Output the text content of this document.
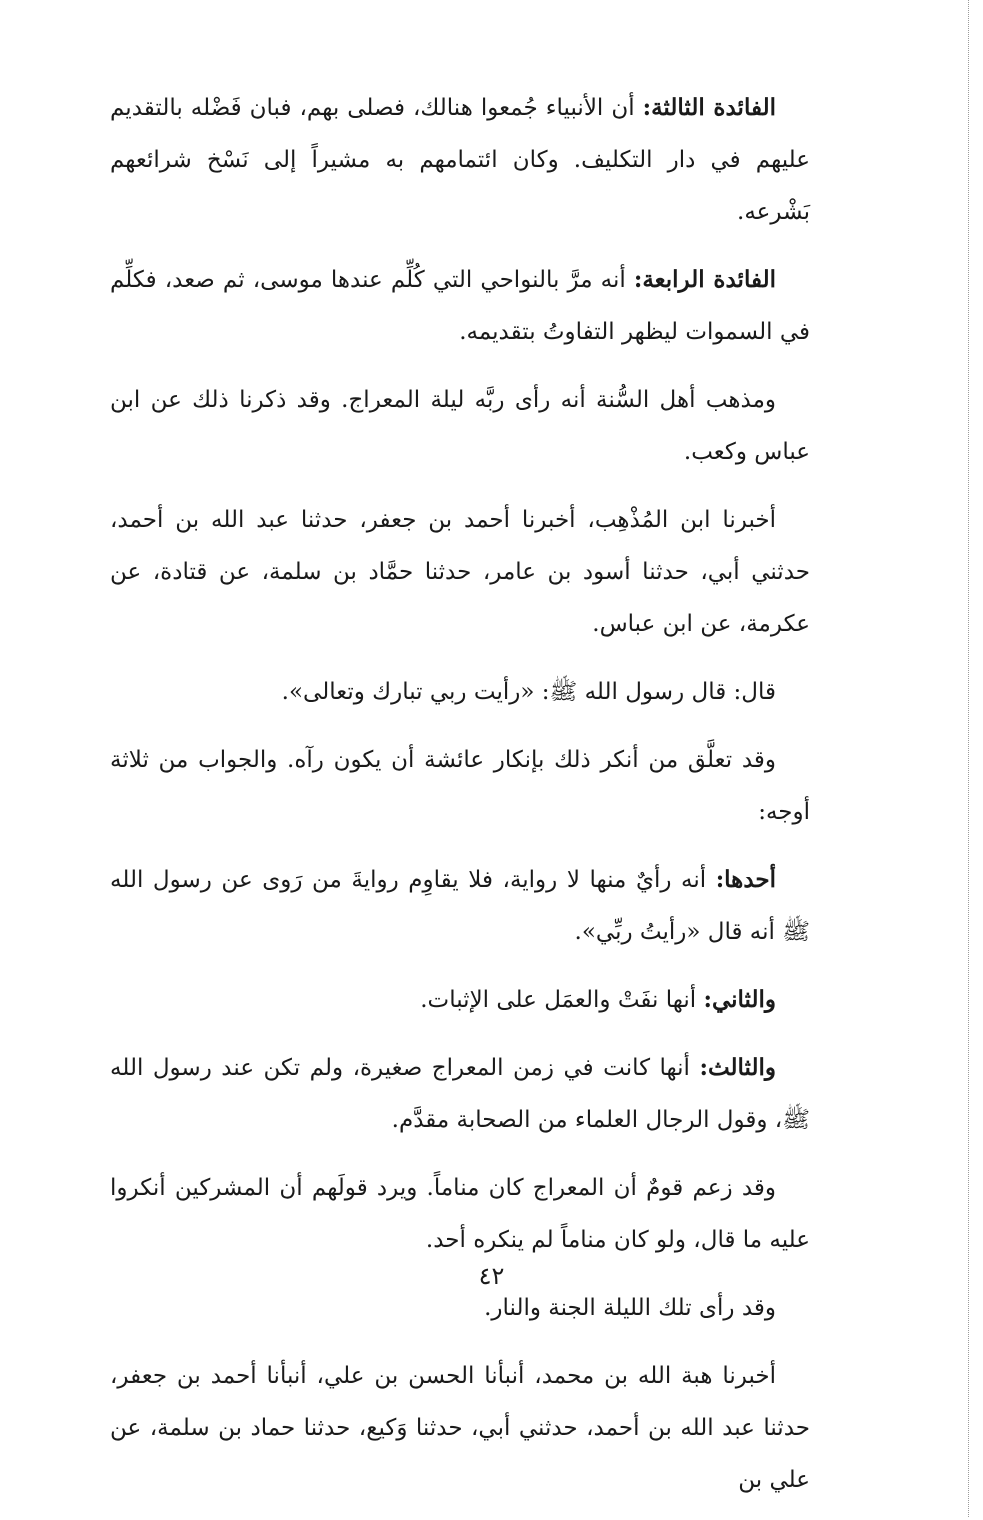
الفائدة الثالثة: أن الأنبياء جُمعوا هنالك، فصلى بهم، فبان فَضْله بالتقديم عليهم في دار التكليف. وكان ائتمامهم به مشيراً إلى نَسْخ شرائعهم بَشْرعه.

الفائدة الرابعة: أنه مرَّ بالنواحي التي كُلِّم عندها موسى، ثم صعد، فكلِّم في السموات ليظهر التفاوتُ بتقديمه.

ومذهب أهل السُّنة أنه رأى ربَّه ليلة المعراج. وقد ذكرنا ذلك عن ابن عباس وكعب.

أخبرنا ابن المُذْهِب، أخبرنا أحمد بن جعفر، حدثنا عبد الله بن أحمد، حدثني أبي، حدثنا أسود بن عامر، حدثنا حمَّاد بن سلمة، عن قتادة، عن عكرمة، عن ابن عباس.

قال: قال رسول الله ﷺ: «رأيت ربي تبارك وتعالى».

وقد تعلَّق من أنكر ذلك بإنكار عائشة أن يكون رآه. والجواب من ثلاثة أوجه:

أحدها: أنه رأيٌ منها لا رواية، فلا يقاوِم روايةَ من رَوى عن رسول الله ﷺ أنه قال «رأيتُ ربِّي».

والثاني: أنها نفَتْ والعمَل على الإثبات.

والثالث: أنها كانت في زمن المعراج صغيرة، ولم تكن عند رسول الله ﷺ، وقول الرجال العلماء من الصحابة مقدَّم.

وقد زعم قومٌ أن المعراج كان مناماً. ويرد قولَهم أن المشركين أنكروا عليه ما قال، ولو كان مناماً لم ينكره أحد.

وقد رأى تلك الليلة الجنة والنار.

أخبرنا هبة الله بن محمد، أنبأنا الحسن بن علي، أنبأنا أحمد بن جعفر، حدثنا عبد الله بن أحمد، حدثني أبي، حدثنا وَكيع، حدثنا حماد بن سلمة، عن علي بن

٤٢
